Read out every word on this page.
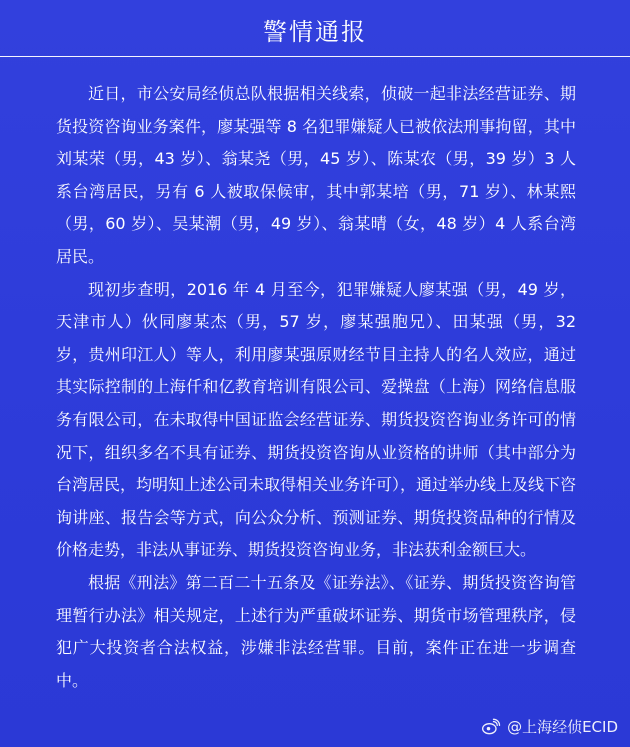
警情通报

近日，市公安局经侦总队根据相关线索，侦破一起非法经营证券、期货投资咨询业务案件，廖某强等 8 名犯罪嫌疑人已被依法刑事拘留，其中刘某荣（男，43 岁）、翁某尧（男，45 岁）、陈某农（男，39 岁）3 人系台湾居民，另有 6 人被取保候审，其中郭某培（男，71 岁）、林某熙（男，60 岁）、吴某潮（男，49 岁）、翁某晴（女，48 岁）4 人系台湾居民。

现初步查明，2016 年 4 月至今，犯罪嫌疑人廖某强（男，49 岁，天津市人）伙同廖某杰（男，57 岁，廖某强胞兄）、田某强（男，32 岁，贵州印江人）等人，利用廖某强原财经节目主持人的名人效应，通过其实际控制的上海仟和亿教育培训有限公司、爱操盘（上海）网络信息服务有限公司，在未取得中国证监会经营证券、期货投资咨询业务许可的情况下，组织多名不具有证券、期货投资咨询从业资格的讲师（其中部分为台湾居民，均明知上述公司未取得相关业务许可），通过举办线上及线下咨询讲座、报告会等方式，向公众分析、预测证券、期货投资品种的行情及价格走势，非法从事证券、期货投资咨询业务，非法获利金额巨大。

根据《刑法》第二百二十五条及《证券法》、《证券、期货投资咨询管理暂行办法》相关规定，上述行为严重破坏证券、期货市场管理秩序，侵犯广大投资者合法权益，涉嫌非法经营罪。目前，案件正在进一步调查中。

@上海经侦ECID
